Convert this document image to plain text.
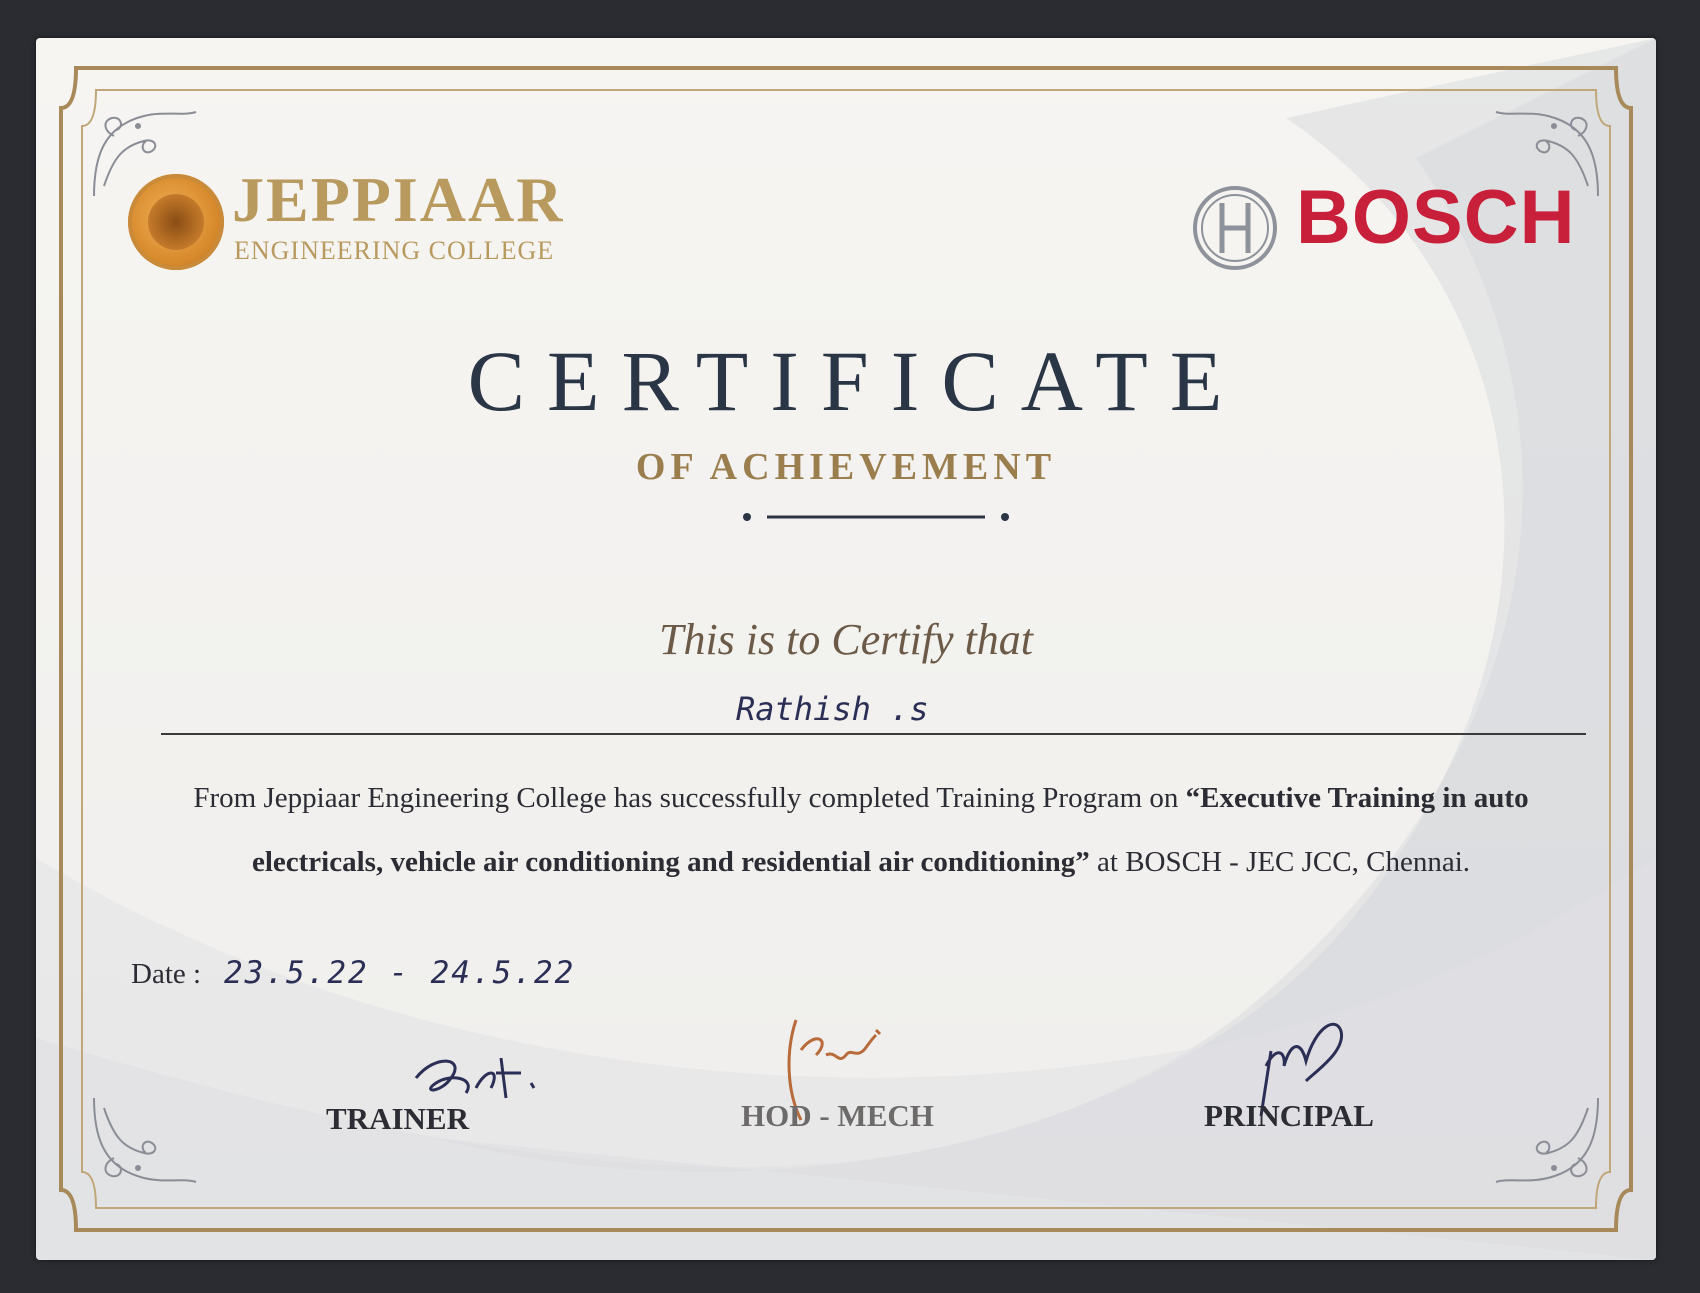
JEPPIAAR
ENGINEERING COLLEGE	BOSCH
CERTIFICATE
OF ACHIEVEMENT
This is to Certify that
Rathish .s
From Jeppiaar Engineering College has successfully completed Training Program on “Executive Training in auto electricals, vehicle air conditioning and residential air conditioning” at BOSCH - JEC JCC, Chennai.
Date : 23.5.22 - 24.5.22
TRAINER	HOD - MECH	PRINCIPAL
